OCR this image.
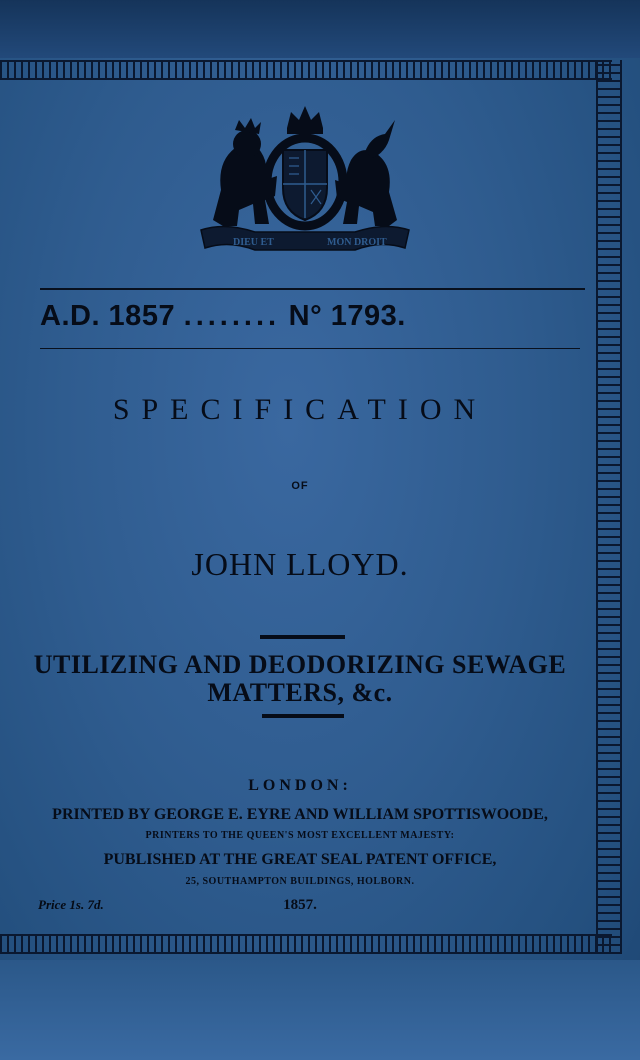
DIEU ET	MON DROIT
A.D. 1857 ........ N° 1793.
SPECIFICATION
OF
JOHN LLOYD.
UTILIZING AND DEODORIZING SEWAGE
MATTERS, &c.
LONDON:
PRINTED BY GEORGE E. EYRE AND WILLIAM SPOTTISWOODE,
PRINTERS TO THE QUEEN'S MOST EXCELLENT MAJESTY:
PUBLISHED AT THE GREAT SEAL PATENT OFFICE,
25, SOUTHAMPTON BUILDINGS, HOLBORN.
1857.
Price 1s. 7d.
